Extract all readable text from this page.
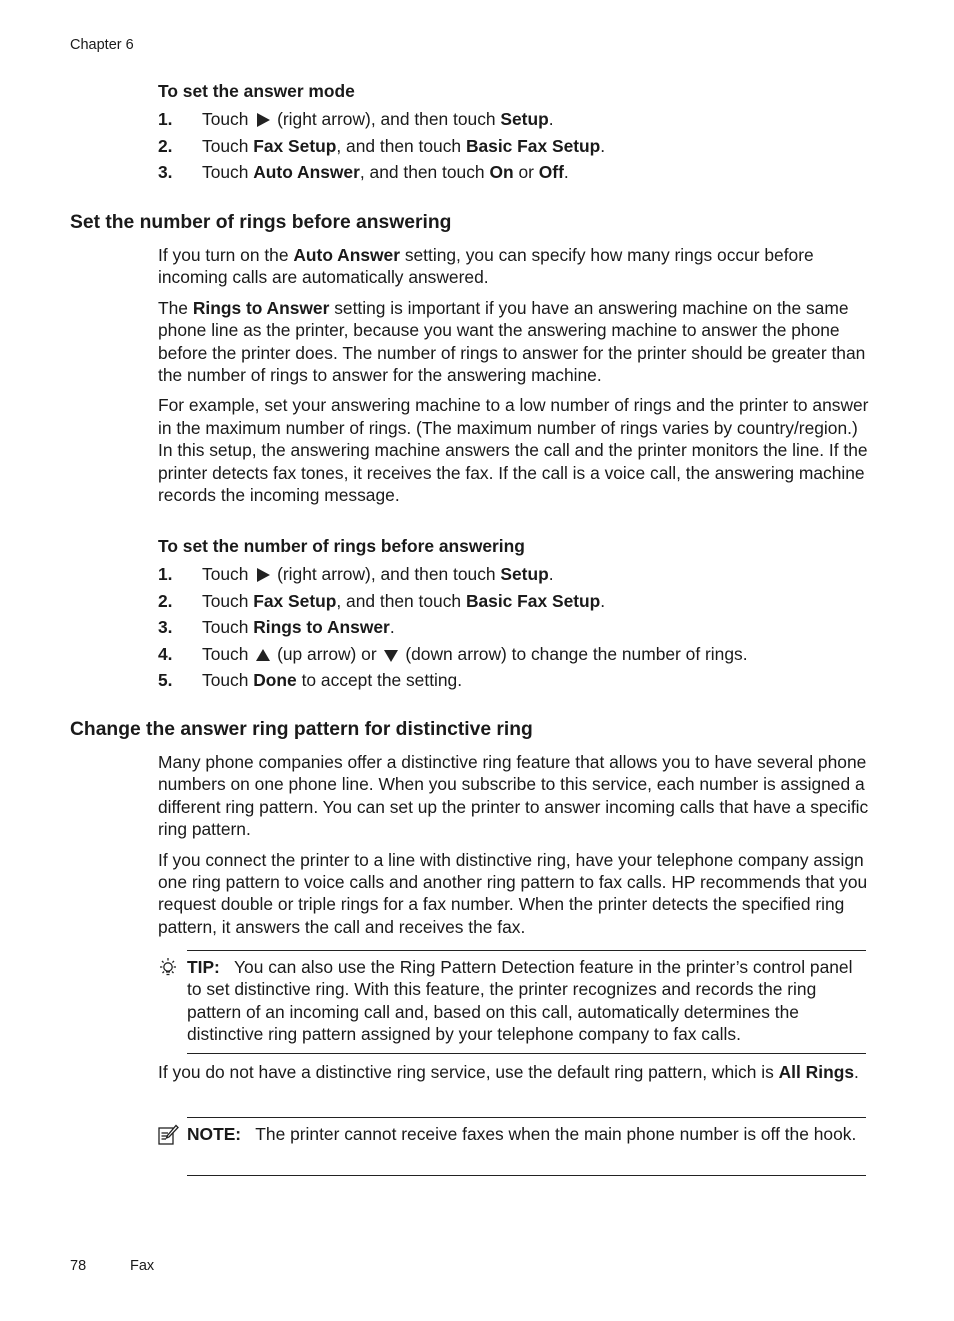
Chapter 6
To set the answer mode
1. Touch (right arrow), and then touch Setup.
2. Touch Fax Setup, and then touch Basic Fax Setup.
3. Touch Auto Answer, and then touch On or Off.
Set the number of rings before answering

If you turn on the Auto Answer setting, you can specify how many rings occur before incoming calls are automatically answered.

The Rings to Answer setting is important if you have an answering machine on the same phone line as the printer, because you want the answering machine to answer the phone before the printer does. The number of rings to answer for the printer should be greater than the number of rings to answer for the answering machine.

For example, set your answering machine to a low number of rings and the printer to answer in the maximum number of rings. (The maximum number of rings varies by country/region.) In this setup, the answering machine answers the call and the printer monitors the line. If the printer detects fax tones, it receives the fax. If the call is a voice call, the answering machine records the incoming message.

To set the number of rings before answering
1. Touch (right arrow), and then touch Setup.
2. Touch Fax Setup, and then touch Basic Fax Setup.
3. Touch Rings to Answer.
4. Touch (up arrow) or (down arrow) to change the number of rings.
5. Touch Done to accept the setting.
Change the answer ring pattern for distinctive ring

Many phone companies offer a distinctive ring feature that allows you to have several phone numbers on one phone line. When you subscribe to this service, each number is assigned a different ring pattern. You can set up the printer to answer incoming calls that have a specific ring pattern.

If you connect the printer to a line with distinctive ring, have your telephone company assign one ring pattern to voice calls and another ring pattern to fax calls. HP recommends that you request double or triple rings for a fax number. When the printer detects the specified ring pattern, it answers the call and receives the fax.

TIP: You can also use the Ring Pattern Detection feature in the printer’s control panel to set distinctive ring. With this feature, the printer recognizes and records the ring pattern of an incoming call and, based on this call, automatically determines the distinctive ring pattern assigned by your telephone company to fax calls.

If you do not have a distinctive ring service, use the default ring pattern, which is All Rings.

NOTE: The printer cannot receive faxes when the main phone number is off the hook.
78	Fax
